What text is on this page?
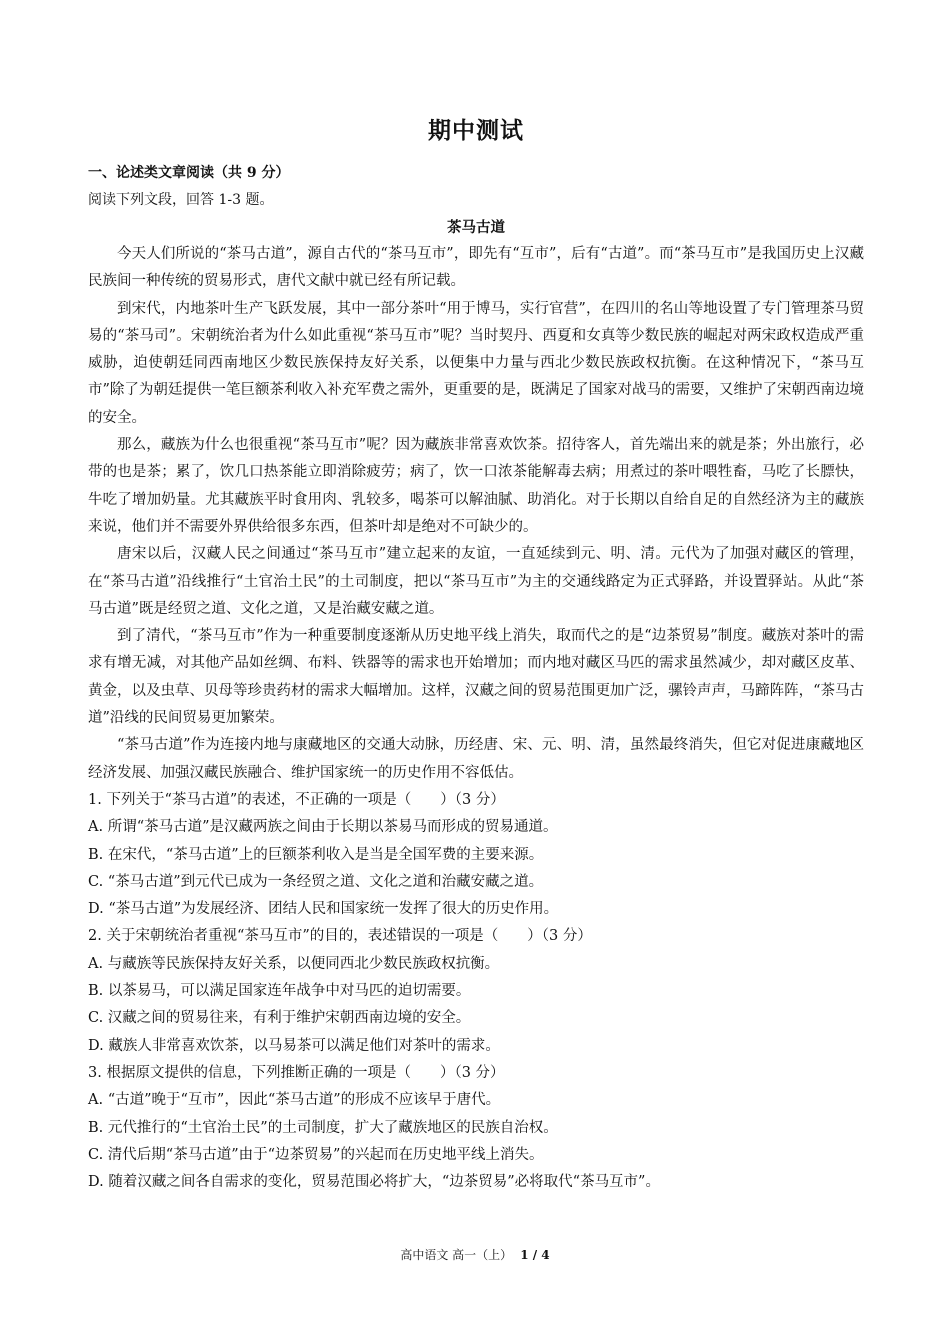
期中测试
一、论述类文章阅读（共 9 分）
阅读下列文段，回答 1-3 题。
茶马古道

今天人们所说的“茶马古道”，源自古代的“茶马互市”，即先有“互市”，后有“古道”。而“茶马互市”是我国历史上汉藏民族间一种传统的贸易形式，唐代文献中就已经有所记载。

到宋代，内地茶叶生产飞跃发展，其中一部分茶叶“用于博马，实行官营”，在四川的名山等地设置了专门管理茶马贸易的“茶马司”。宋朝统治者为什么如此重视“茶马互市”呢？当时契丹、西夏和女真等少数民族的崛起对两宋政权造成严重威胁，迫使朝廷同西南地区少数民族保持友好关系，以便集中力量与西北少数民族政权抗衡。在这种情况下，“茶马互市”除了为朝廷提供一笔巨额茶利收入补充军费之需外，更重要的是，既满足了国家对战马的需要，又维护了宋朝西南边境的安全。

那么，藏族为什么也很重视“茶马互市”呢？因为藏族非常喜欢饮茶。招待客人，首先端出来的就是茶；外出旅行，必带的也是茶；累了，饮几口热茶能立即消除疲劳；病了，饮一口浓茶能解毒去病；用煮过的茶叶喂牲畜，马吃了长膘快，牛吃了增加奶量。尤其藏族平时食用肉、乳较多，喝茶可以解油腻、助消化。对于长期以自给自足的自然经济为主的藏族来说，他们并不需要外界供给很多东西，但茶叶却是绝对不可缺少的。

唐宋以后，汉藏人民之间通过“茶马互市”建立起来的友谊，一直延续到元、明、清。元代为了加强对藏区的管理，在“茶马古道”沿线推行“土官治土民”的土司制度，把以“茶马互市”为主的交通线路定为正式驿路，并设置驿站。从此“茶马古道”既是经贸之道、文化之道，又是治藏安藏之道。

到了清代，“茶马互市”作为一种重要制度逐渐从历史地平线上消失，取而代之的是“边茶贸易”制度。藏族对茶叶的需求有增无减，对其他产品如丝绸、布料、铁器等的需求也开始增加；而内地对藏区马匹的需求虽然减少，却对藏区皮革、黄金，以及虫草、贝母等珍贵药材的需求大幅增加。这样，汉藏之间的贸易范围更加广泛，骡铃声声，马蹄阵阵，“茶马古道”沿线的民间贸易更加繁荣。

“茶马古道”作为连接内地与康藏地区的交通大动脉，历经唐、宋、元、明、清，虽然最终消失，但它对促进康藏地区经济发展、加强汉藏民族融合、维护国家统一的历史作用不容低估。

1. 下列关于“茶马古道”的表述，不正确的一项是（　　）（3 分）
A. 所谓“茶马古道”是汉藏两族之间由于长期以茶易马而形成的贸易通道。
B. 在宋代，“茶马古道”上的巨额茶利收入是当是全国军费的主要来源。
C. “茶马古道”到元代已成为一条经贸之道、文化之道和治藏安藏之道。
D. “茶马古道”为发展经济、团结人民和国家统一发挥了很大的历史作用。
2. 关于宋朝统治者重视“茶马互市”的目的，表述错误的一项是（　　）（3 分）
A. 与藏族等民族保持友好关系，以便同西北少数民族政权抗衡。
B. 以茶易马，可以满足国家连年战争中对马匹的迫切需要。
C. 汉藏之间的贸易往来，有利于维护宋朝西南边境的安全。
D. 藏族人非常喜欢饮茶，以马易茶可以满足他们对茶叶的需求。
3. 根据原文提供的信息，下列推断正确的一项是（　　）（3 分）
A. “古道”晚于“互市”，因此“茶马古道”的形成不应该早于唐代。
B. 元代推行的“土官治土民”的土司制度，扩大了藏族地区的民族自治权。
C. 清代后期“茶马古道”由于“边茶贸易”的兴起而在历史地平线上消失。
D. 随着汉藏之间各自需求的变化，贸易范围必将扩大，“边茶贸易”必将取代“茶马互市”。
高中语文 高一（上） 1 / 4
